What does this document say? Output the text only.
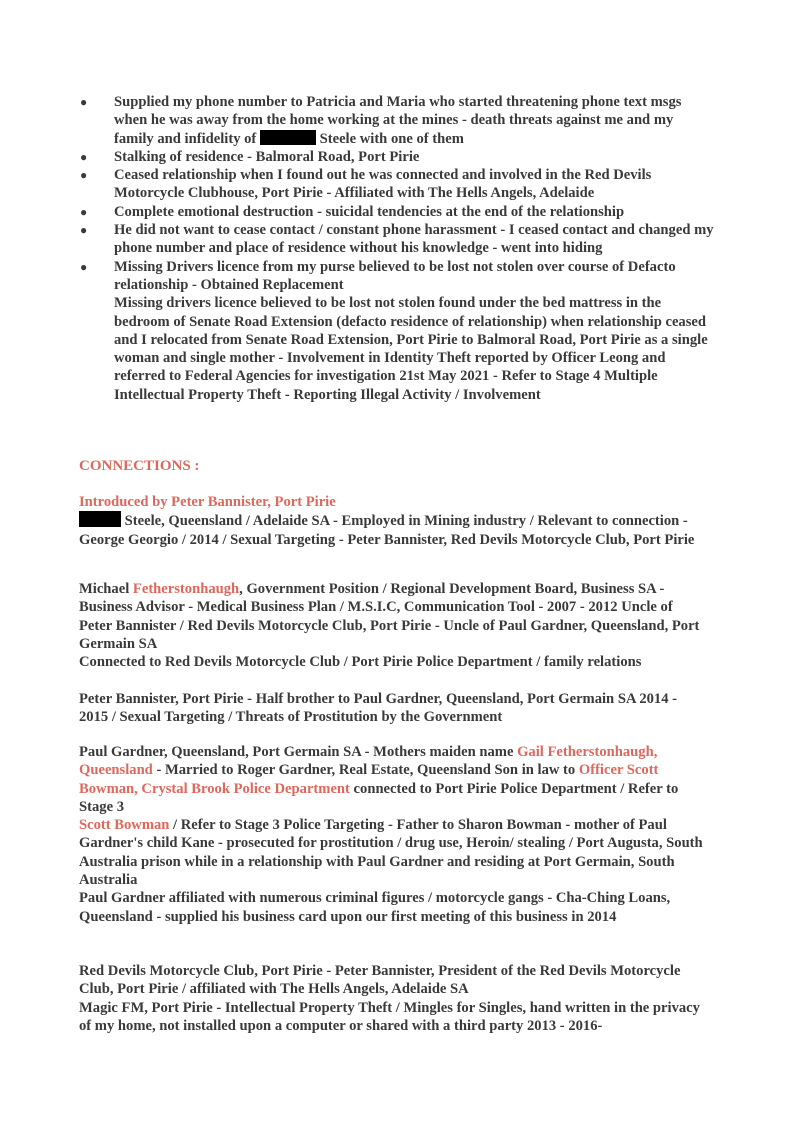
● Supplied my phone number to Patricia and Maria who started threatening phone text msgs when he was away from the home working at the mines - death threats against me and my family and infidelity of	Steele with one of them
● Stalking of residence - Balmoral Road, Port Pirie
● Ceased relationship when I found out he was connected and involved in the Red Devils Motorcycle Clubhouse, Port Pirie - Affiliated with The Hells Angels, Adelaide
● Complete emotional destruction - suicidal tendencies at the end of the relationship
● He did not want to cease contact / constant phone harassment - I ceased contact and changed my phone number and place of residence without his knowledge - went into hiding
● Missing Drivers licence from my purse believed to be lost not stolen over course of Defacto relationship - Obtained Replacement
Missing drivers licence believed to be lost not stolen found under the bed mattress in the bedroom of Senate Road Extension (defacto residence of relationship) when relationship ceased and I relocated from Senate Road Extension, Port Pirie to Balmoral Road, Port Pirie as a single woman and single mother - Involvement in Identity Theft reported by Officer Leong and referred to Federal Agencies for investigation 21st May 2021 - Refer to Stage 4 Multiple Intellectual Property Theft - Reporting Illegal Activity / Involvement
CONNECTIONS :

Introduced by Peter Bannister, Port Pirie

Steele, Queensland / Adelaide SA - Employed in Mining industry / Relevant to connection - George Georgio / 2014 / Sexual Targeting - Peter Bannister, Red Devils Motorcycle Club, Port Pirie

Michael Fetherstonhaugh, Government Position / Regional Development Board, Business SA - Business Advisor - Medical Business Plan / M.S.I.C, Communication Tool - 2007 - 2012 Uncle of Peter Bannister / Red Devils Motorcycle Club, Port Pirie - Uncle of Paul Gardner, Queensland, Port Germain SA

Connected to Red Devils Motorcycle Club / Port Pirie Police Department / family relations

Peter Bannister, Port Pirie - Half brother to Paul Gardner, Queensland, Port Germain SA 2014 - 2015 / Sexual Targeting / Threats of Prostitution by the Government

Paul Gardner, Queensland, Port Germain SA - Mothers maiden name Gail Fetherstonhaugh, Queensland - Married to Roger Gardner, Real Estate, Queensland Son in law to Officer Scott Bowman, Crystal Brook Police Department connected to Port Pirie Police Department / Refer to Stage 3

Scott Bowman / Refer to Stage 3 Police Targeting - Father to Sharon Bowman - mother of Paul Gardner's child Kane - prosecuted for prostitution / drug use, Heroin/ stealing / Port Augusta, South Australia prison while in a relationship with Paul Gardner and residing at Port Germain, South Australia

Paul Gardner affiliated with numerous criminal figures / motorcycle gangs - Cha-Ching Loans, Queensland - supplied his business card upon our first meeting of this business in 2014

Red Devils Motorcycle Club, Port Pirie - Peter Bannister, President of the Red Devils Motorcycle Club, Port Pirie / affiliated with The Hells Angels, Adelaide SA

Magic FM, Port Pirie - Intellectual Property Theft / Mingles for Singles, hand written in the privacy of my home, not installed upon a computer or shared with a third party 2013 - 2016-
